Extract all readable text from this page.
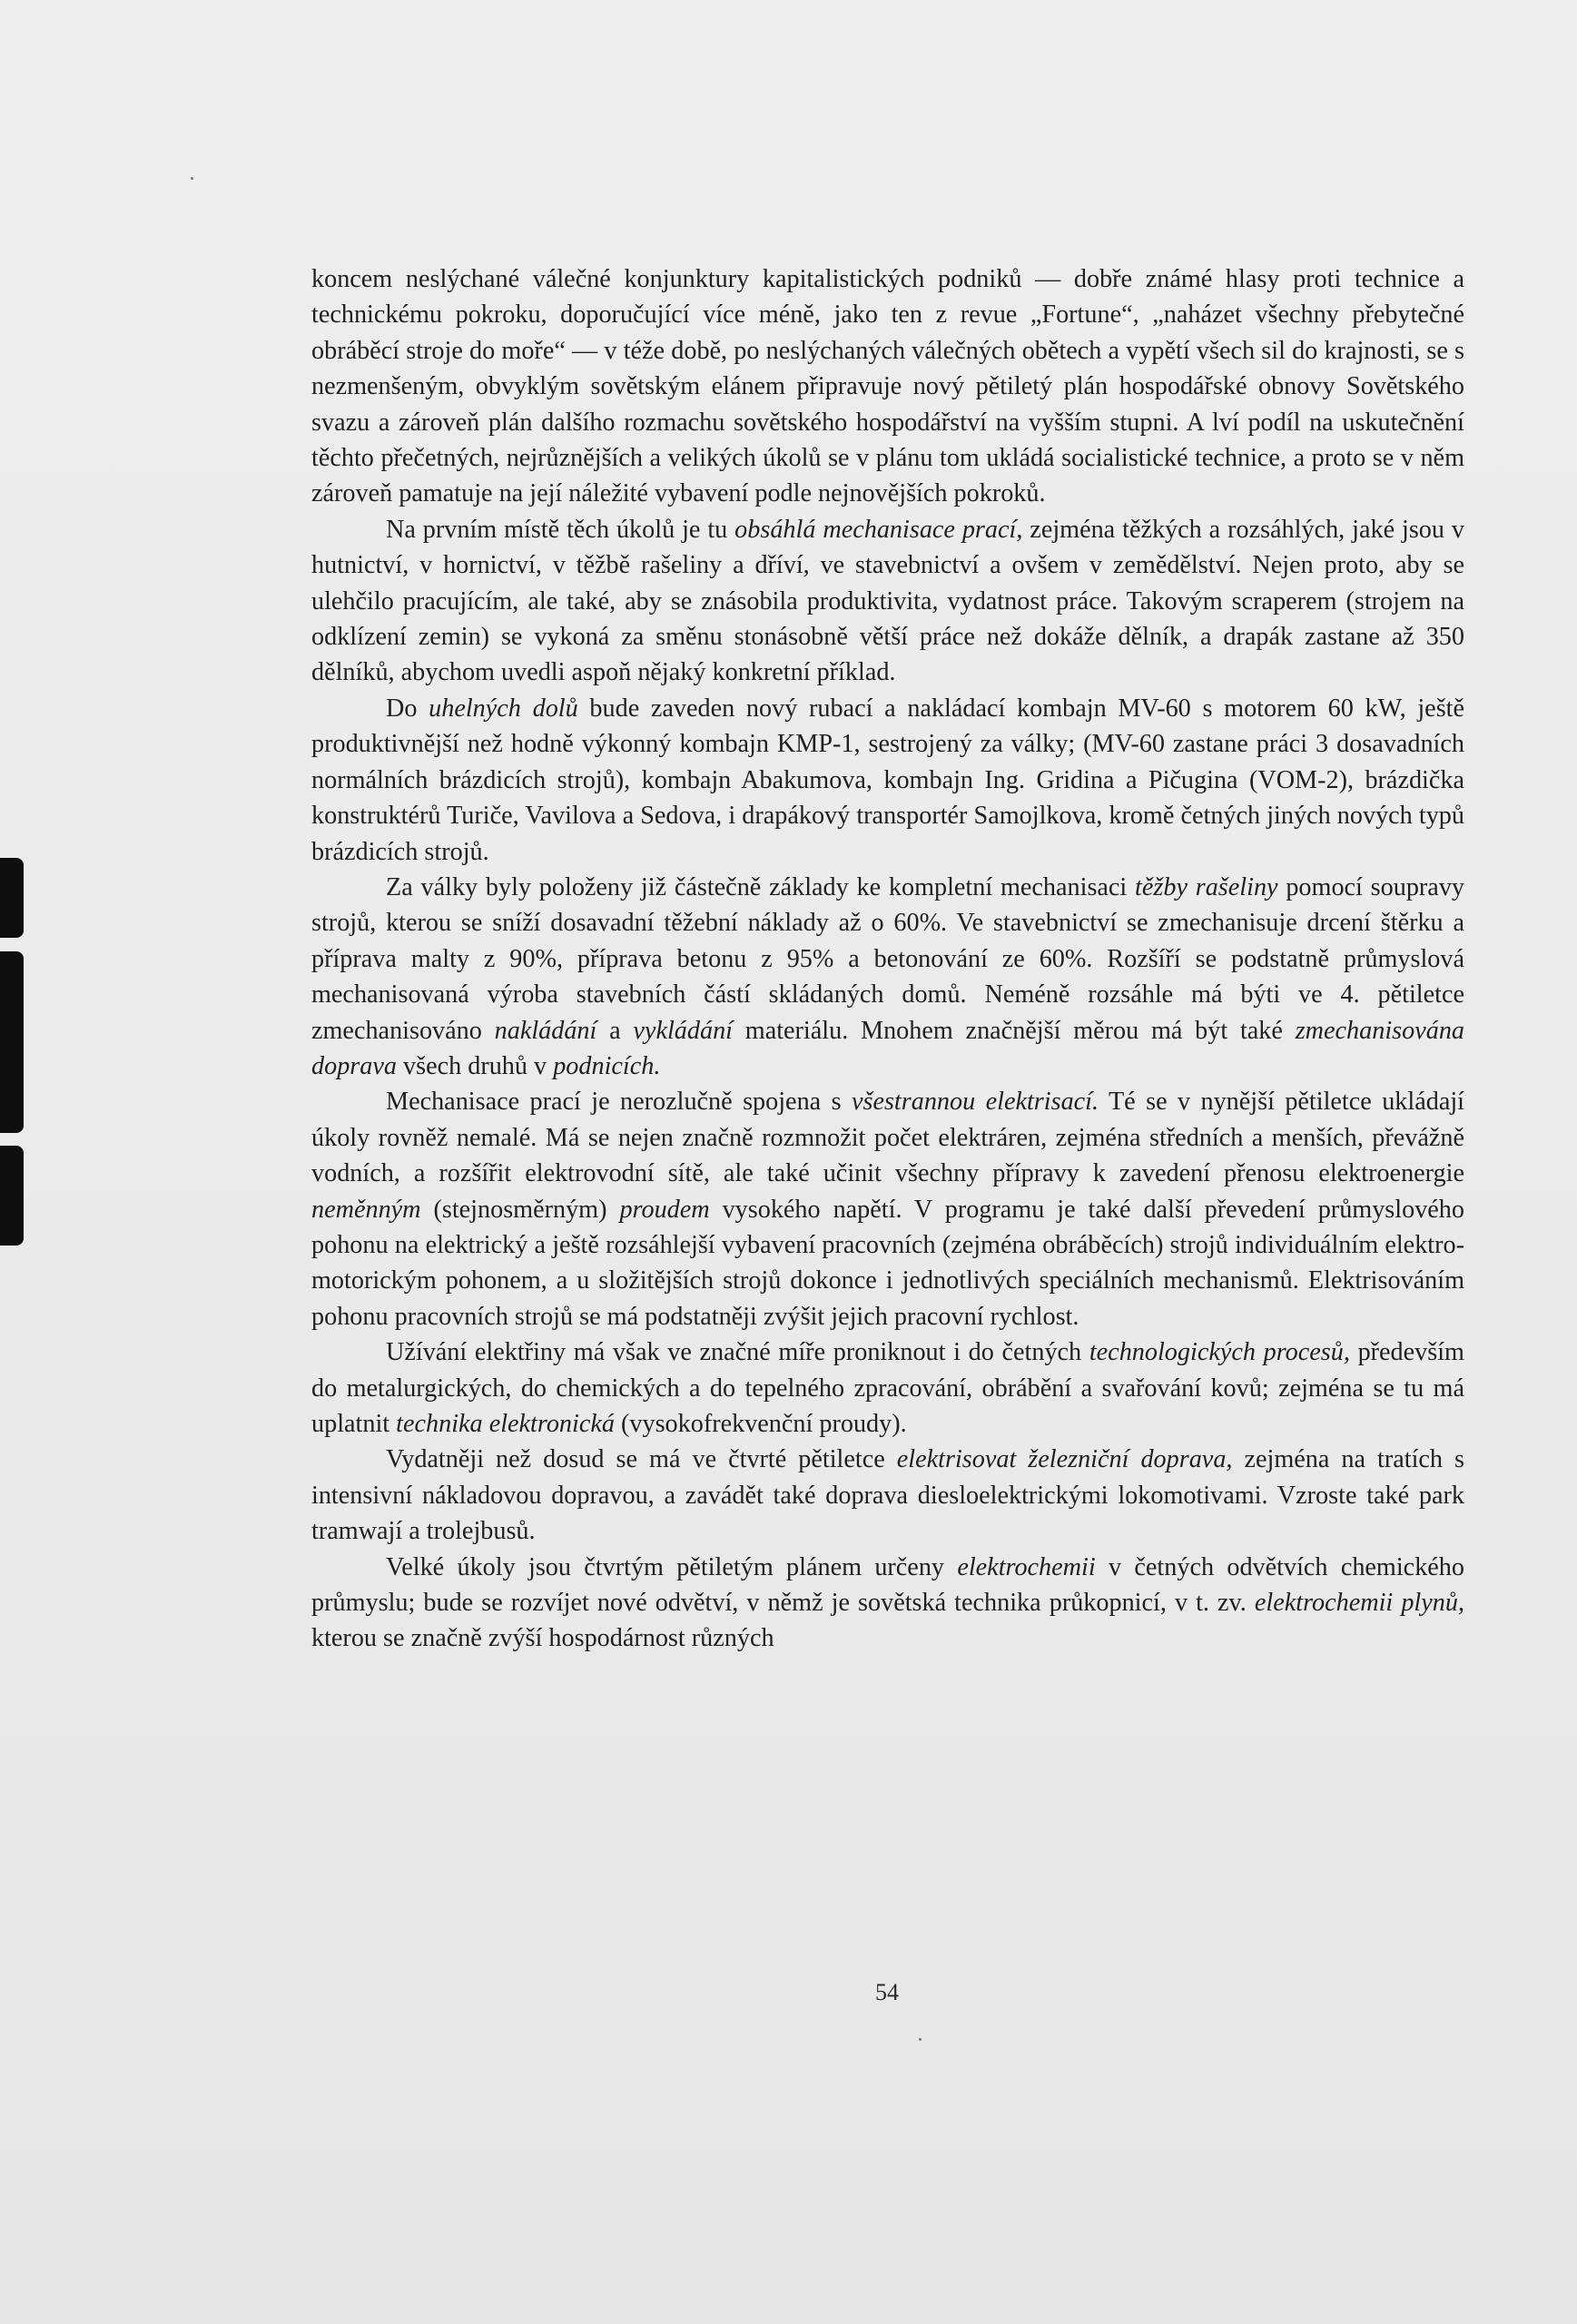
koncem neslýchané válečné konjunktury kapitalistických podniků — dobře známé hlasy proti technice a technickému pokroku, doporučující více méně, jako ten z revue „Fortune“, „naházet všechny přebytečné obráběcí stroje do moře“ — v téže době, po neslýchaných válečných obětech a vypětí všech sil do krajnosti, se s nezmenšeným, obvyklým sovětským elánem připravuje nový pětiletý plán hospodářské obnovy Sovětského svazu a zároveň plán dalšího rozmachu sovětského hospodářství na vyšším stupni. A lví podíl na uskutečnění těchto přečetných, nejrůznějších a velikých úkolů se v plánu tom ukládá socialistické technice, a proto se v něm zároveň pamatuje na její náležité vybavení podle nejnovějších pokroků.

Na prvním místě těch úkolů je tu obsáhlá mechanisace prací, zejména těžkých a rozsáhlých, jaké jsou v hutnictví, v hornictví, v těžbě rašeliny a dříví, ve stavebnictví a ovšem v zemědělství. Nejen proto, aby se ulehčilo pracujícím, ale také, aby se znásobila produktivita, vydatnost práce. Takovým scraperem (strojem na odklízení zemin) se vykoná za směnu stonásobně větší práce než dokáže dělník, a drapák zastane až 350 dělníků, abychom uvedli aspoň nějaký konkretní příklad.

Do uhelných dolů bude zaveden nový rubací a nakládací kombajn MV-60 s motorem 60 kW, ještě produktivnější než hodně výkonný kombajn KMP-1, sestrojený za války; (MV-60 zastane práci 3 dosavadních normálních brázdicích strojů), kombajn Abakumova, kombajn Ing. Gridina a Pičugina (VOM-2), brázdička konstruktérů Turiče, Vavilova a Sedova, i drapákový transportér Samojlkova, kromě četných jiných nových typů brázdicích strojů.

Za války byly položeny již částečně základy ke kompletní mechanisaci těžby rašeliny pomocí soupravy strojů, kterou se sníží dosavadní těžební náklady až o 60%. Ve stavebnictví se zmechanisuje drcení štěrku a příprava malty z 90%, příprava betonu z 95% a betonování ze 60%. Rozšíří se podstatně průmyslová mechanisovaná výroba stavebních částí skládaných domů. Neméně rozsáhle má býti ve 4. pětiletce zmechanisováno nakládání a vykládání materiálu. Mnohem značnější měrou má být také zmechanisována doprava všech druhů v podnicích.

Mechanisace prací je nerozlučně spojena s všestrannou elektrisací. Té se v nynější pětiletce ukládají úkoly rovněž nemalé. Má se nejen značně rozmnožit počet elektráren, zejména středních a menších, převážně vodních, a rozšířit elektrovodní sítě, ale také učinit všechny přípravy k zavedení přenosu elektroenergie neměnným (stejnosměrným) proudem vysokého napětí. V programu je také další převedení průmyslového pohonu na elektrický a ještě rozsáhlejší vybavení pracovních (zejména obráběcích) strojů individuálním elektromotorickým pohonem, a u složitějších strojů dokonce i jednotlivých speciálních mechanismů. Elektrisováním pohonu pracovních strojů se má podstatněji zvýšit jejich pracovní rychlost.

Užívání elektřiny má však ve značné míře proniknout i do četných technologických procesů, především do metalurgických, do chemických a do tepelného zpracování, obrábění a svařování kovů; zejména se tu má uplatnit technika elektronická (vysokofrekvenční proudy).

Vydatněji než dosud se má ve čtvrté pětiletce elektrisovat železniční doprava, zejména na tratích s intensivní nákladovou dopravou, a zavádět také doprava diesloelektrickými lokomotivami. Vzroste také park tramwají a trolejbusů.

Velké úkoly jsou čtvrtým pětiletým plánem určeny elektrochemii v četných odvětvích chemického průmyslu; bude se rozvíjet nové odvětví, v němž je sovětská technika průkopnicí, v t. zv. elektrochemii plynů, kterou se značně zvýší hospodárnost různých

54
